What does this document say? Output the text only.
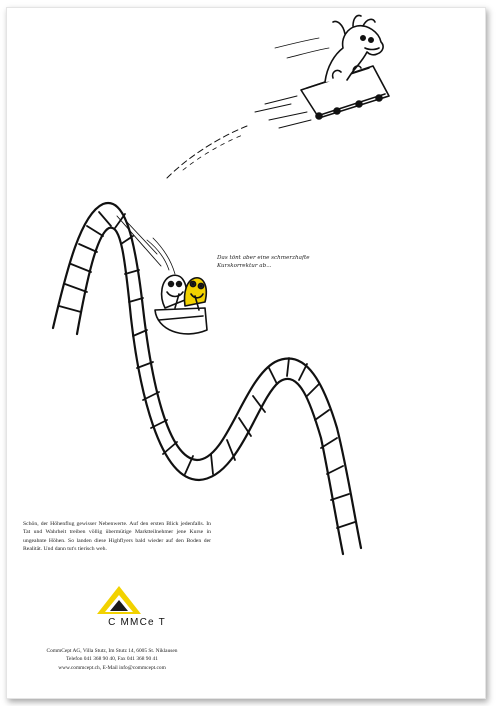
Das tönt aber eine schmerzhafte
Kurskorrektur ab...
Schön, der Höhenflug gewisser Nebenwerte. Auf den ersten Blick jedenfalls. In Tat und Wahrheit treiben völlig übermütige Marktteilnehmer jene Kurse in ungeahnte Höhen. So landen diese Highflyers bald wieder auf den Boden der Realität. Und dann tut's tierisch weh.
C MMCe T
CommCept AG, Villa Stutz, Im Stutz 14, 6005 St. Niklausen
Telefon 041 368 90 40, Fax 041 368 90 41
www.commcept.ch, E-Mail info@commcept.com
